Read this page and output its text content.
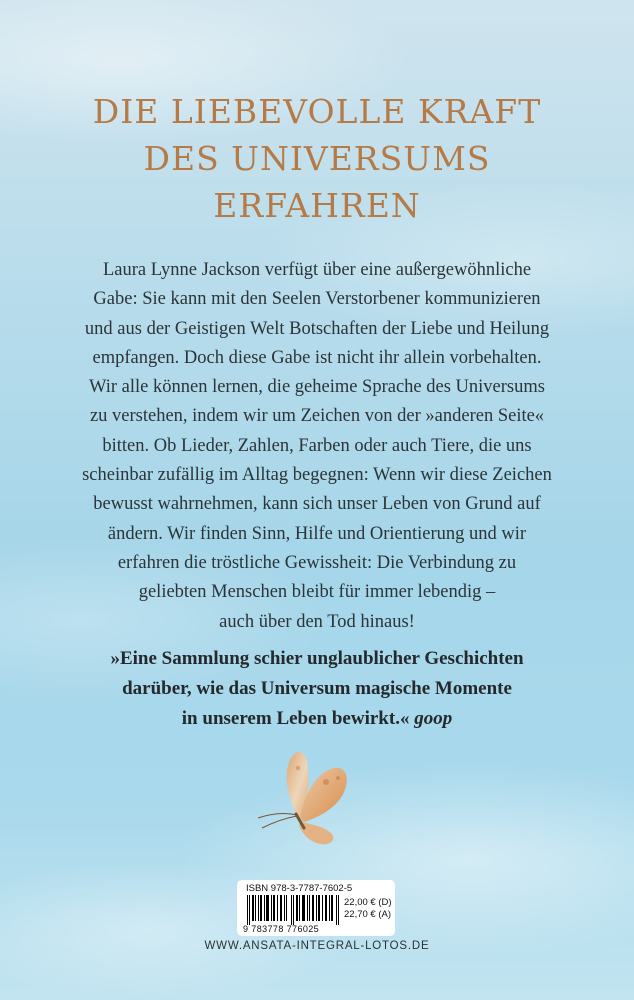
DIE LIEBEVOLLE KRAFT
DES UNIVERSUMS
ERFAHREN
Laura Lynne Jackson verfügt über eine außergewöhnliche
Gabe: Sie kann mit den Seelen Verstorbener kommunizieren
und aus der Geistigen Welt Botschaften der Liebe und Heilung
empfangen. Doch diese Gabe ist nicht ihr allein vorbehalten.
Wir alle können lernen, die geheime Sprache des Universums
zu verstehen, indem wir um Zeichen von der »anderen Seite«
bitten. Ob Lieder, Zahlen, Farben oder auch Tiere, die uns
scheinbar zufällig im Alltag begegnen: Wenn wir diese Zeichen
bewusst wahrnehmen, kann sich unser Leben von Grund auf
ändern. Wir finden Sinn, Hilfe und Orientierung und wir
erfahren die tröstliche Gewissheit: Die Verbindung zu
geliebten Menschen bleibt für immer lebendig –
auch über den Tod hinaus!
»Eine Sammlung schier unglaublicher Geschichten
darüber, wie das Universum magische Momente
in unserem Leben bewirkt.« goop
ISBN 978-3-7787-7602-5
9 783778 776025
22,00 € (D)
22,70 € (A)
WWW.ANSATA-INTEGRAL-LOTOS.DE
